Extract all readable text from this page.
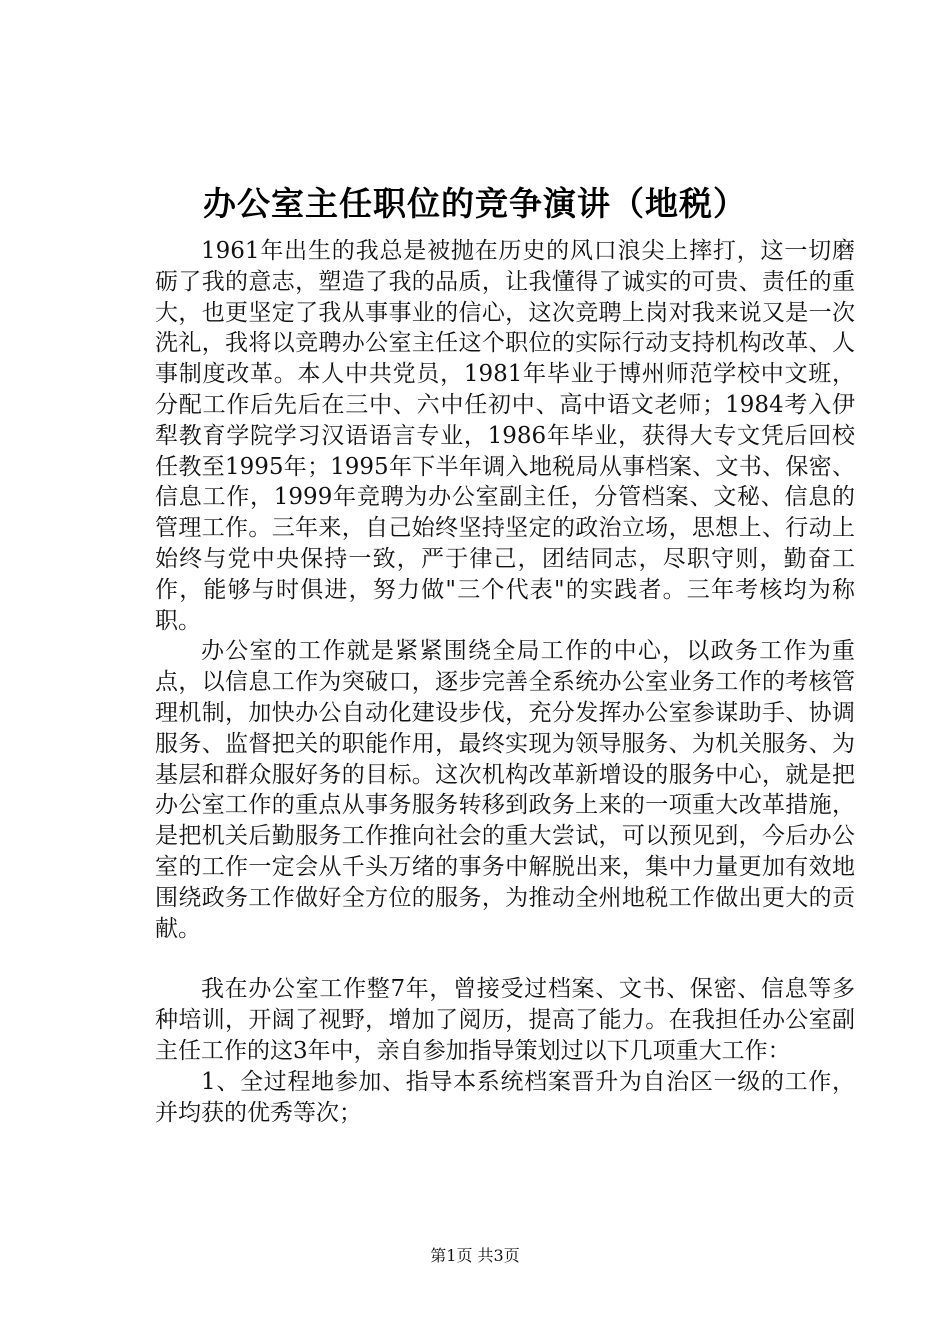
办公室主任职位的竞争演讲（地税）

1961年出生的我总是被抛在历史的风口浪尖上摔打，这一切磨砺了我的意志，塑造了我的品质，让我懂得了诚实的可贵、责任的重大，也更坚定了我从事事业的信心，这次竞聘上岗对我来说又是一次洗礼，我将以竞聘办公室主任这个职位的实际行动支持机构改革、人事制度改革。本人中共党员，1981年毕业于博州师范学校中文班，分配工作后先后在三中、六中任初中、高中语文老师；1984考入伊犁教育学院学习汉语语言专业，1986年毕业，获得大专文凭后回校任教至1995年；1995年下半年调入地税局从事档案、文书、保密、信息工作，1999年竞聘为办公室副主任，分管档案、文秘、信息的管理工作。三年来，自己始终坚持坚定的政治立场，思想上、行动上始终与党中央保持一致，严于律己，团结同志，尽职守则，勤奋工作，能够与时俱进，努力做"三个代表"的实践者。三年考核均为称职。

办公室的工作就是紧紧围绕全局工作的中心，以政务工作为重点，以信息工作为突破口，逐步完善全系统办公室业务工作的考核管理机制，加快办公自动化建设步伐，充分发挥办公室参谋助手、协调服务、监督把关的职能作用，最终实现为领导服务、为机关服务、为基层和群众服好务的目标。这次机构改革新增设的服务中心，就是把办公室工作的重点从事务服务转移到政务上来的一项重大改革措施，是把机关后勤服务工作推向社会的重大尝试，可以预见到，今后办公室的工作一定会从千头万绪的事务中解脱出来，集中力量更加有效地围绕政务工作做好全方位的服务，为推动全州地税工作做出更大的贡献。

我在办公室工作整7年，曾接受过档案、文书、保密、信息等多种培训，开阔了视野，增加了阅历，提高了能力。在我担任办公室副主任工作的这3年中，亲自参加指导策划过以下几项重大工作：

1、全过程地参加、指导本系统档案晋升为自治区一级的工作，并均获的优秀等次；

第1页 共3页
